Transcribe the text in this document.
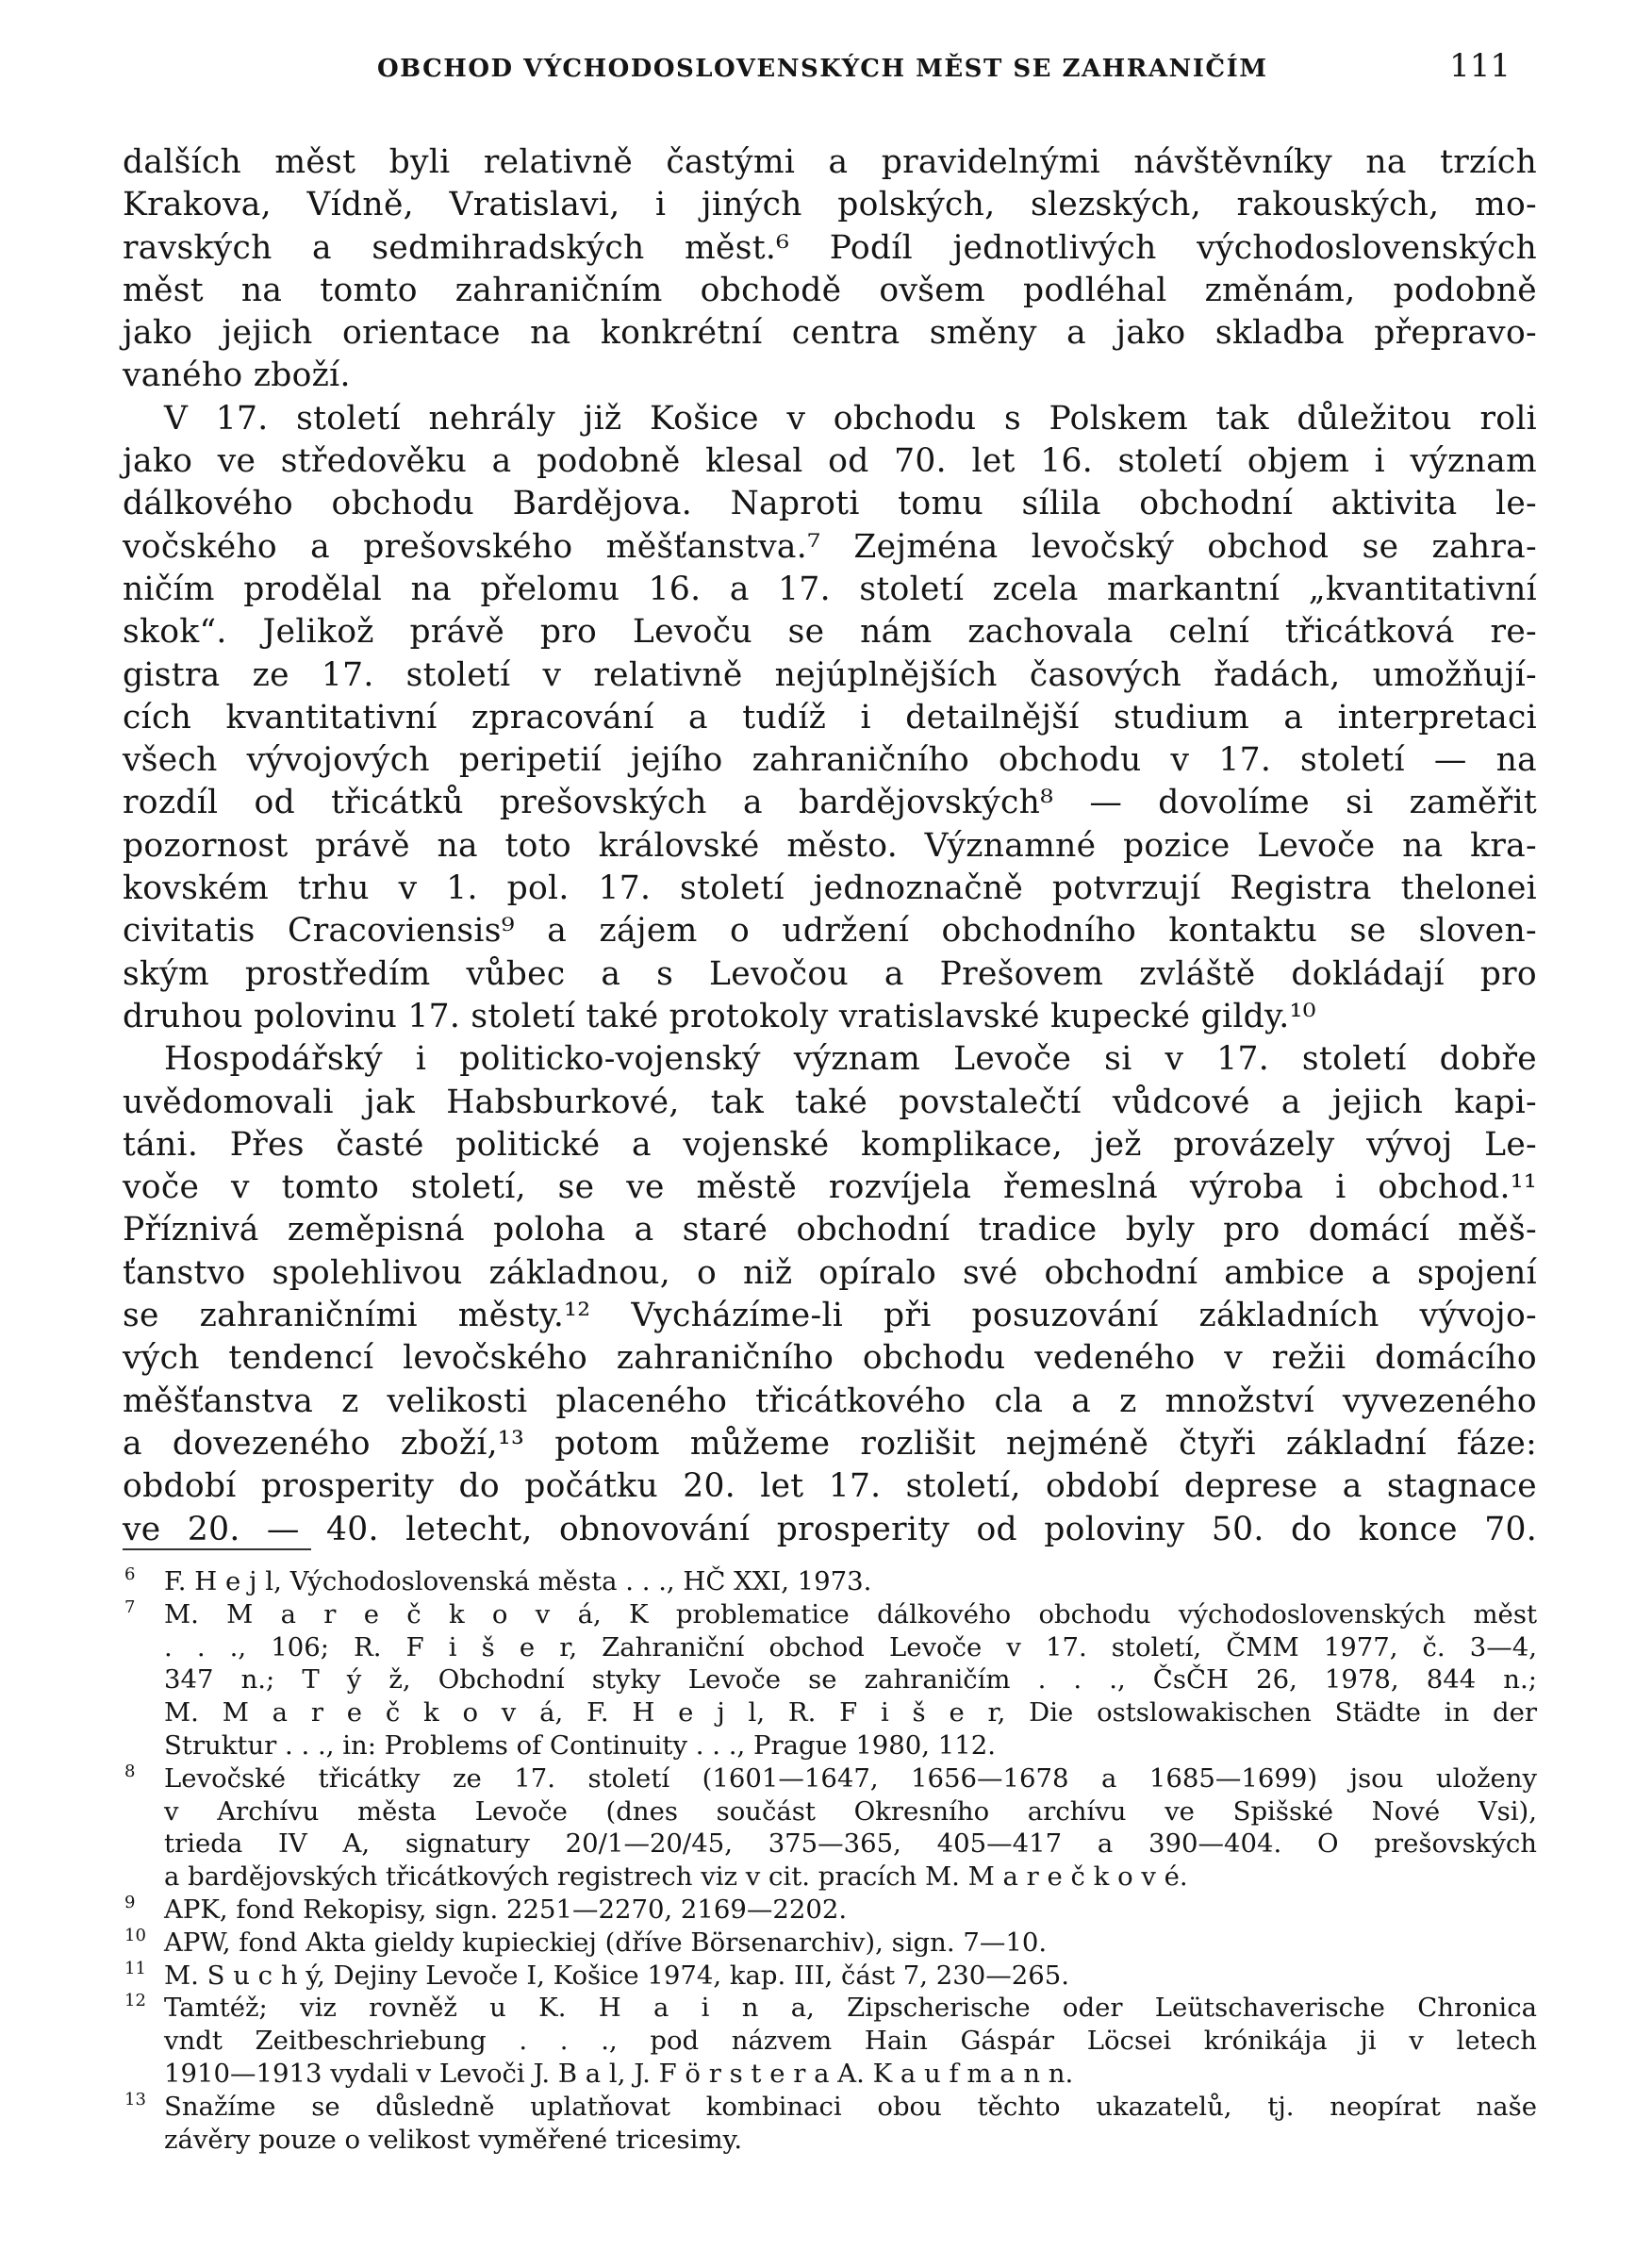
OBCHOD VÝCHODOSLOVENSKÝCH MĚST SE ZAHRANIČÍM	111
dalších měst byli relativně častými a pravidelnými návštěvníky na trzích
Krakova, Vídně, Vratislavi, i jiných polských, slezských, rakouských, mo-
ravských a sedmihradských měst.⁶ Podíl jednotlivých východoslovenských
měst na tomto zahraničním obchodě ovšem podléhal změnám, podobně
jako jejich orientace na konkrétní centra směny a jako skladba přepravo-
vaného zboží.
V 17. století nehrály již Košice v obchodu s Polskem tak důležitou roli
jako ve středověku a podobně klesal od 70. let 16. století objem i význam
dálkového obchodu Bardějova. Naproti tomu sílila obchodní aktivita le-
vočského a prešovského měšťanstva.⁷ Zejména levočský obchod se zahra-
ničím prodělal na přelomu 16. a 17. století zcela markantní „kvantitativní
skok“. Jelikož právě pro Levoču se nám zachovala celní třicátková re-
gistra ze 17. století v relativně nejúplnějších časových řadách, umožňují-
cích kvantitativní zpracování a tudíž i detailnější studium a interpretaci
všech vývojových peripetií jejího zahraničního obchodu v 17. století — na
rozdíl od třicátků prešovských a bardějovských⁸ — dovolíme si zaměřit
pozornost právě na toto královské město. Významné pozice Levoče na kra-
kovském trhu v 1. pol. 17. století jednoznačně potvrzují Registra thelonei
civitatis Cracoviensis⁹ a zájem o udržení obchodního kontaktu se sloven-
ským prostředím vůbec a s Levočou a Prešovem zvláště dokládají pro
druhou polovinu 17. století také protokoly vratislavské kupecké gildy.¹⁰
Hospodářský i politicko-vojenský význam Levoče si v 17. století dobře
uvědomovali jak Habsburkové, tak také povstalečtí vůdcové a jejich kapi-
táni. Přes časté politické a vojenské komplikace, jež provázely vývoj Le-
voče v tomto století, se ve městě rozvíjela řemeslná výroba i obchod.¹¹
Příznivá zeměpisná poloha a staré obchodní tradice byly pro domácí měš-
ťanstvo spolehlivou základnou, o niž opíralo své obchodní ambice a spojení
se zahraničními městy.¹² Vycházíme-li při posuzování základních vývojo-
vých tendencí levočského zahraničního obchodu vedeného v režii domácího
měšťanstva z velikosti placeného třicátkového cla a z množství vyvezeného
a dovezeného zboží,¹³ potom můžeme rozlišit nejméně čtyři základní fáze:
období prosperity do počátku 20. let 17. století, období deprese a stagnace
ve 20. — 40. letecht, obnovování prosperity od poloviny 50. do konce 70.
6 F. H e j l, Východoslovenská města . . ., HČ XXI, 1973.
7 M. M a r e č k o v á, K problematice dálkového obchodu východoslovenských měst
. . ., 106; R. F i š e r, Zahraniční obchod Levoče v 17. století, ČMM 1977, č. 3—4,
347 n.; T ý ž, Obchodní styky Levoče se zahraničím . . ., ČsČH 26, 1978, 844 n.;
M. M a r e č k o v á, F. H e j l, R. F i š e r, Die ostslowakischen Städte in der
Struktur . . ., in: Problems of Continuity . . ., Prague 1980, 112.
8 Levočské třicátky ze 17. století (1601—1647, 1656—1678 a 1685—1699) jsou uloženy
v Archívu města Levoče (dnes součást Okresního archívu ve Spišské Nové Vsi),
trieda IV A, signatury 20/1—20/45, 375—365, 405—417 a 390—404. O prešovských
a bardějovských třicátkových registrech viz v cit. pracích M. M a r e č k o v é.
9 APK, fond Rekopisy, sign. 2251—2270, 2169—2202.
10 APW, fond Akta gieldy kupieckiej (dříve Börsenarchiv), sign. 7—10.
11 M. S u c h ý, Dejiny Levoče I, Košice 1974, kap. III, část 7, 230—265.
12 Tamtéž; viz rovněž u K. H a i n a, Zipscherische oder Leütschaverische Chronica
vndt Zeitbeschriebung . . ., pod názvem Hain Gáspár Löcsei krónikája ji v letech
1910—1913 vydali v Levoči J. B a l, J. F ö r s t e r a A. K a u f m a n n.
13 Snažíme se důsledně uplatňovat kombinaci obou těchto ukazatelů, tj. neopírat naše
závěry pouze o velikost vyměřené tricesimy.
